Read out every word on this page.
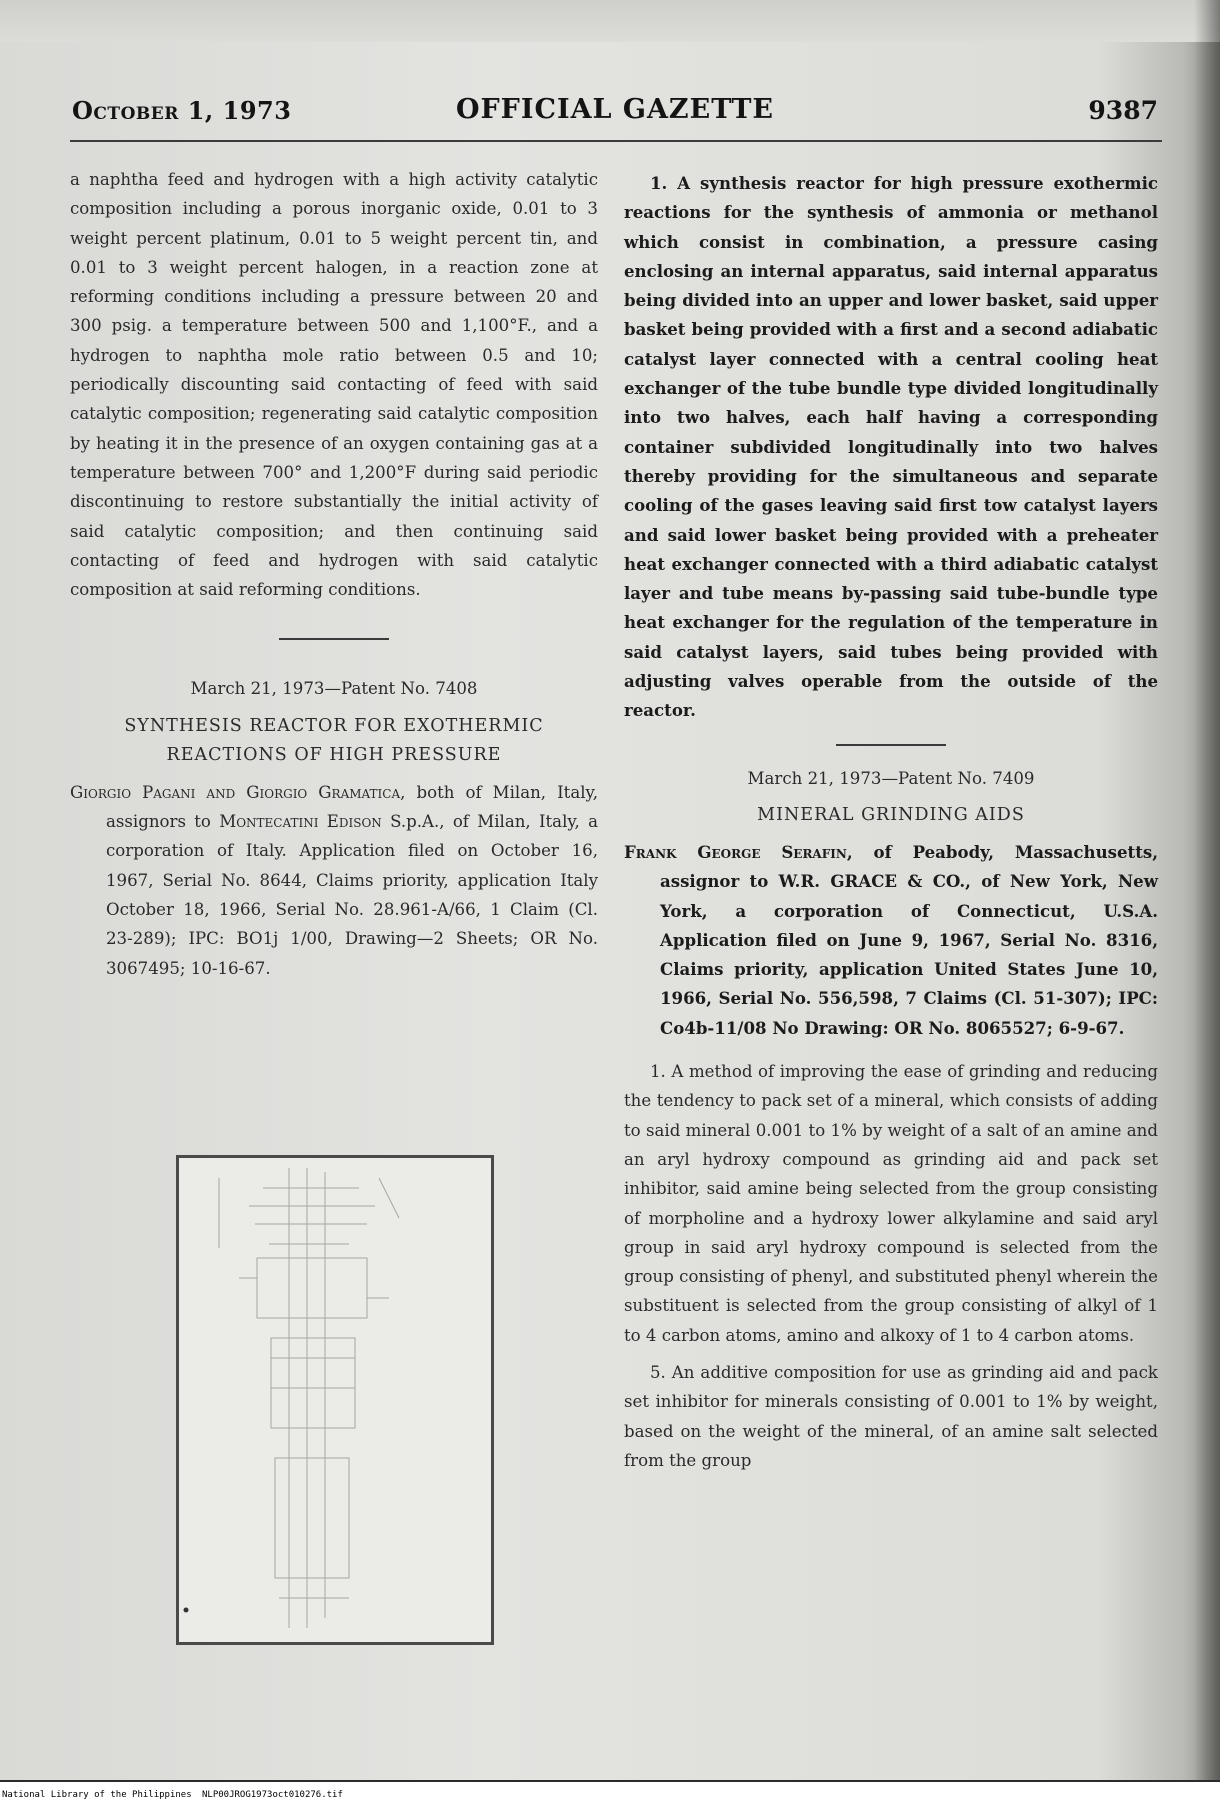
October 1, 1973	OFFICIAL GAZETTE	9387

a naphtha feed and hydrogen with a high activity catalytic composition including a porous inorganic oxide, 0.01 to 3 weight percent platinum, 0.01 to 5 weight percent tin, and 0.01 to 3 weight percent halogen, in a reaction zone at reforming conditions including a pressure between 20 and 300 psig. a temperature between 500 and 1,100°F., and a hydrogen to naphtha mole ratio between 0.5 and 10; periodically discounting said contacting of feed with said catalytic composition; regenerating said catalytic composition by heating it in the presence of an oxygen containing gas at a temperature between 700° and 1,200°F during said periodic discontinuing to restore substantially the initial activity of said catalytic composition; and then continuing said contacting of feed and hydrogen with said catalytic composition at said reforming conditions.

March 21, 1973—Patent No. 7408

SYNTHESIS REACTOR FOR EXOTHERMIC REACTIONS OF HIGH PRESSURE

Giorgio Pagani and Giorgio Gramatica, both of Milan, Italy, assignors to Montecatini Edison S.p.A., of Milan, Italy, a corporation of Italy. Application filed on October 16, 1967, Serial No. 8644, Claims priority, application Italy October 18, 1966, Serial No. 28.961-A/66, 1 Claim (Cl. 23-289); IPC: BO1j 1/00, Drawing—2 Sheets; OR No. 3067495; 10-16-67.

1. A synthesis reactor for high pressure exothermic reactions for the synthesis of ammonia or methanol which consist in combination, a pressure casing enclosing an internal apparatus, said internal apparatus being divided into an upper and lower basket, said upper basket being provided with a first and a second adiabatic catalyst layer connected with a central cooling heat exchanger of the tube bundle type divided longitudinally into two halves, each half having a corresponding container subdivided longitudinally into two halves thereby providing for the simultaneous and separate cooling of the gases leaving said first tow catalyst layers and said lower basket being provided with a preheater heat exchanger connected with a third adiabatic catalyst layer and tube means by-passing said tube-bundle type heat exchanger for the regulation of the temperature in said catalyst layers, said tubes being provided with adjusting valves operable from the outside of the reactor.

March 21, 1973—Patent No. 7409

MINERAL GRINDING AIDS

Frank George Serafin, of Peabody, Massachusetts, assignor to W.R. GRACE & CO., of New York, New York, a corporation of Connecticut, U.S.A. Application filed on June 9, 1967, Serial No. 8316, Claims priority, application United States June 10, 1966, Serial No. 556,598, 7 Claims (Cl. 51-307); IPC: Co4b-11/08 No Drawing: OR No. 8065527; 6-9-67.

1. A method of improving the ease of grinding and reducing the tendency to pack set of a mineral, which consists of adding to said mineral 0.001 to 1% by weight of a salt of an amine and an aryl hydroxy compound as grinding aid and pack set inhibitor, said amine being selected from the group consisting of morpholine and a hydroxy lower alkylamine and said aryl group in said aryl hydroxy compound is selected from the group consisting of phenyl, and substituted phenyl wherein the substituent is selected from the group consisting of alkyl of 1 to 4 carbon atoms, amino and alkoxy of 1 to 4 carbon atoms.

5. An additive composition for use as grinding aid and pack set inhibitor for minerals consisting of 0.001 to 1% by weight, based on the weight of the mineral, of an amine salt selected from the group

National Library of the Philippines NLP00JROG1973oct010276.tif
